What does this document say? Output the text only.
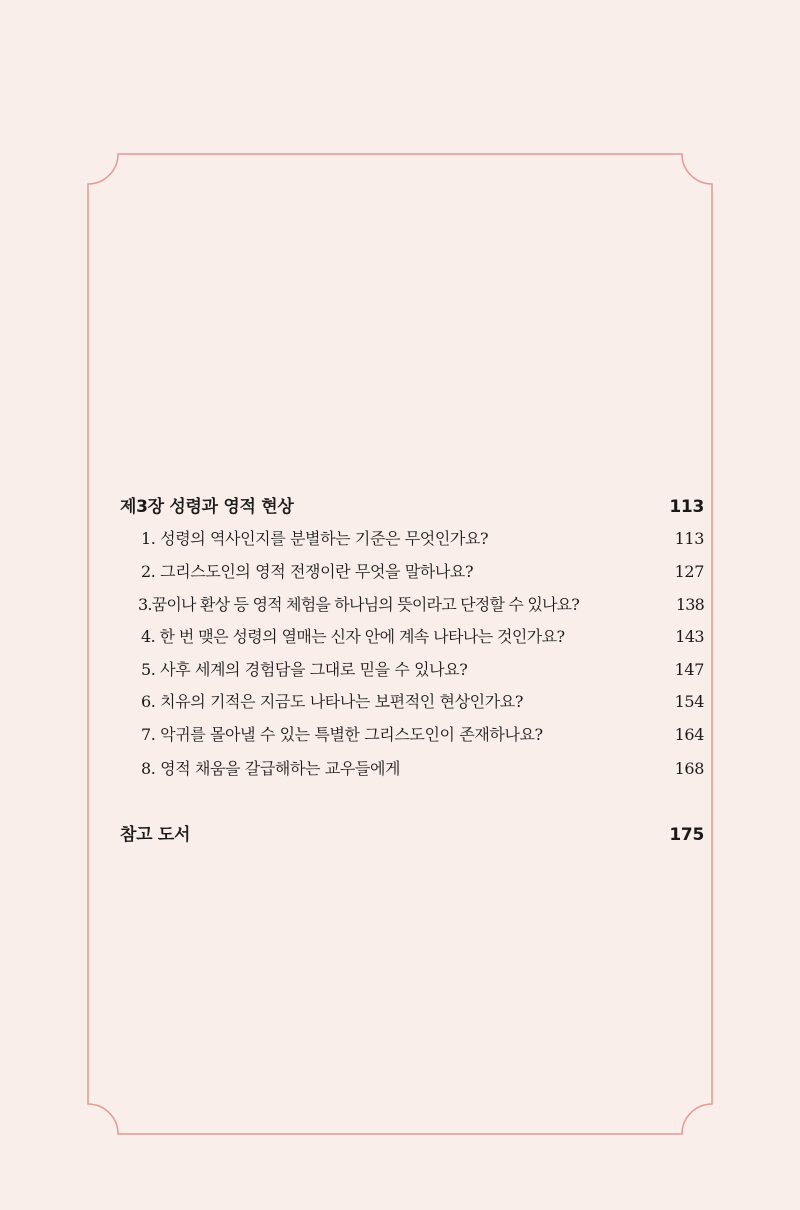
제3장 성령과 영적 현상	113
1. 성령의 역사인지를 분별하는 기준은 무엇인가요?	113
2. 그리스도인의 영적 전쟁이란 무엇을 말하나요?	127
3.꿈이나 환상 등 영적 체험을 하나님의 뜻이라고 단정할 수 있나요?	138
4. 한 번 맺은 성령의 열매는 신자 안에 계속 나타나는 것인가요?	143
5. 사후 세계의 경험담을 그대로 믿을 수 있나요?	147
6. 치유의 기적은 지금도 나타나는 보편적인 현상인가요?	154
7. 악귀를 몰아낼 수 있는 특별한 그리스도인이 존재하나요?	164
8. 영적 채움을 갈급해하는 교우들에게	168
참고 도서	175
